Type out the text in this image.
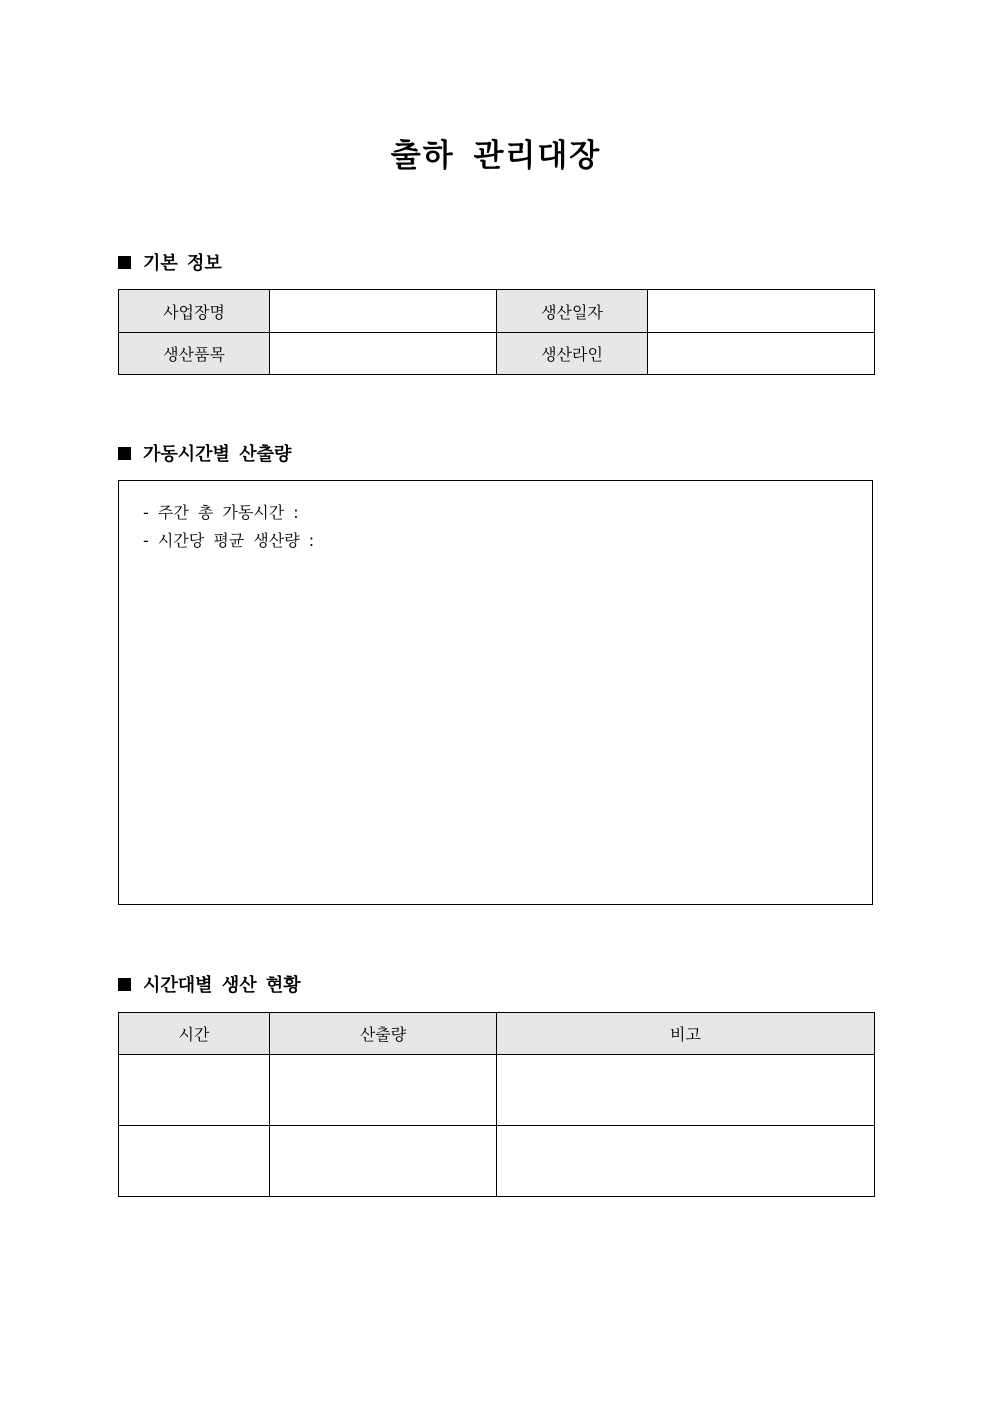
출하 관리대장
기본 정보
사업장명		생산일자	
생산품목		생산라인	
가동시간별 산출량
- 주간 총 가동시간 :
- 시간당 평균 생산량 :
시간대별 생산 현황
시간	산출량	비고
